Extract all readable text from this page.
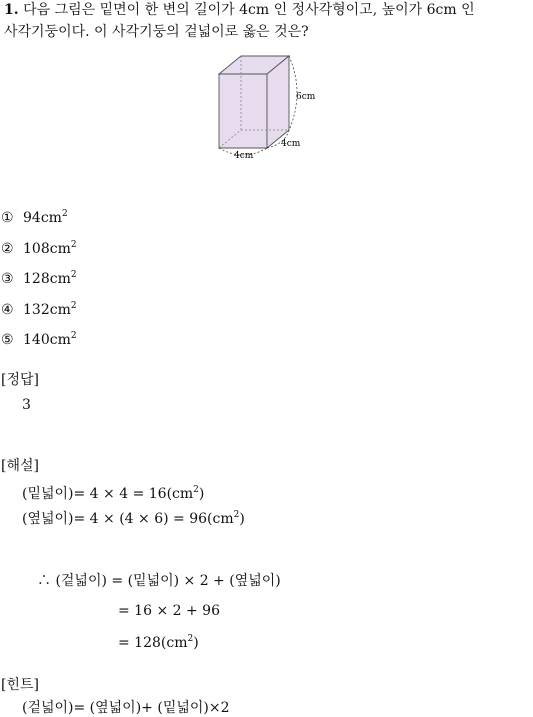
1. 다음 그림은 밑면이 한 변의 길이가 4cm 인 정사각형이고, 높이가 6cm 인
사각기둥이다. 이 사각기둥의 겉넓이로 옳은 것은?
6cm
4cm
4cm
① $94cm^2$
② $108cm^2$
③ $128cm^2$
④ $132cm^2$
⑤ $140cm^2$
[정답]
3
[해설]
(밑넓이)= $4 \times 4 = 16(cm^2)$
(옆넓이)= $4 \times (4 \times 6) = 96(cm^2)$
∴ (겉넓이) = (밑넓이) × 2 + (옆넓이)
= 16 × 2 + 96
= $128(cm^2)$
[힌트]
(겉넓이)= (옆넓이)+ (밑넓이)×2
